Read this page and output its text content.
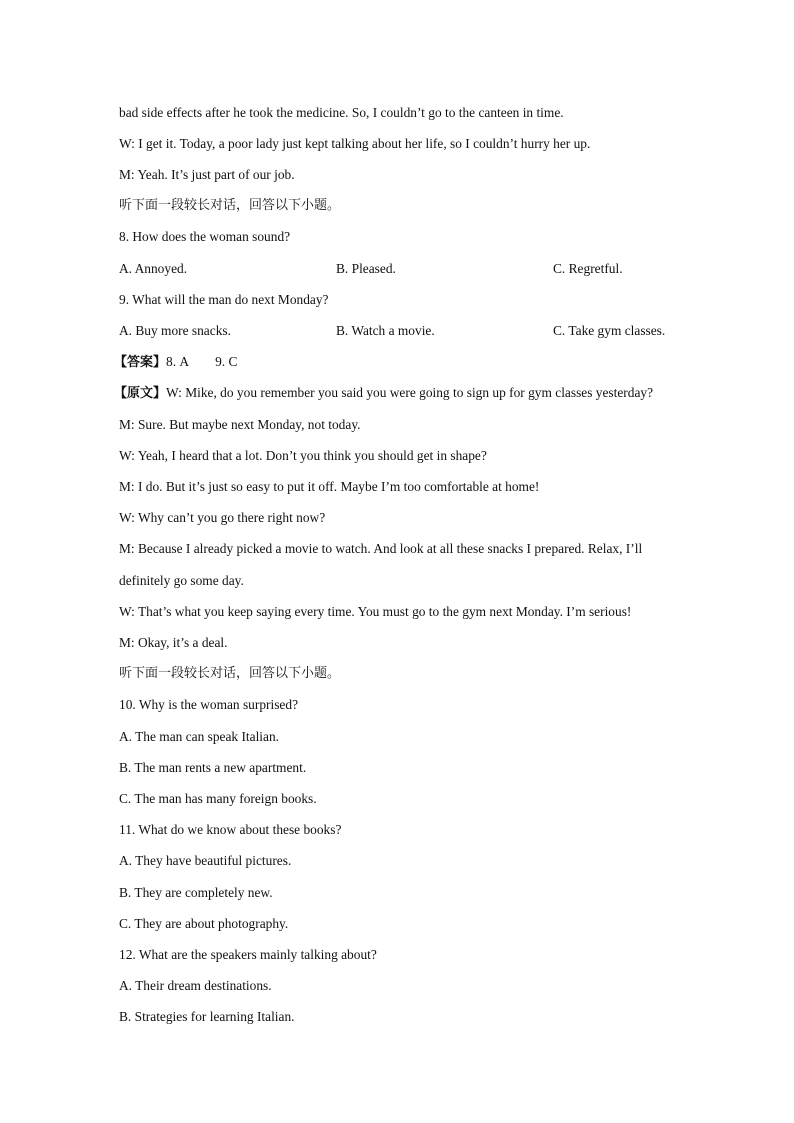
bad side effects after he took the medicine. So, I couldn’t go to the canteen in time.
W: I get it. Today, a poor lady just kept talking about her life, so I couldn’t hurry her up.
M: Yeah. It’s just part of our job.
听下面一段较长对话，回答以下小题。
8. How does the woman sound?
A. Annoyed.	B. Pleased.	C. Regretful.
9. What will the man do next Monday?
A. Buy more snacks.	B. Watch a movie.	C. Take gym classes.
【答案】8. A 9. C
【原文】W: Mike, do you remember you said you were going to sign up for gym classes yesterday?
M: Sure. But maybe next Monday, not today.
W: Yeah, I heard that a lot. Don’t you think you should get in shape?
M: I do. But it’s just so easy to put it off. Maybe I’m too comfortable at home!
W: Why can’t you go there right now?
M: Because I already picked a movie to watch. And look at all these snacks I prepared. Relax, I’ll
definitely go some day.
W: That’s what you keep saying every time. You must go to the gym next Monday. I’m serious!
M: Okay, it’s a deal.
听下面一段较长对话，回答以下小题。
10. Why is the woman surprised?
A. The man can speak Italian.
B. The man rents a new apartment.
C. The man has many foreign books.
11. What do we know about these books?
A. They have beautiful pictures.
B. They are completely new.
C. They are about photography.
12. What are the speakers mainly talking about?
A. Their dream destinations.
B. Strategies for learning Italian.
